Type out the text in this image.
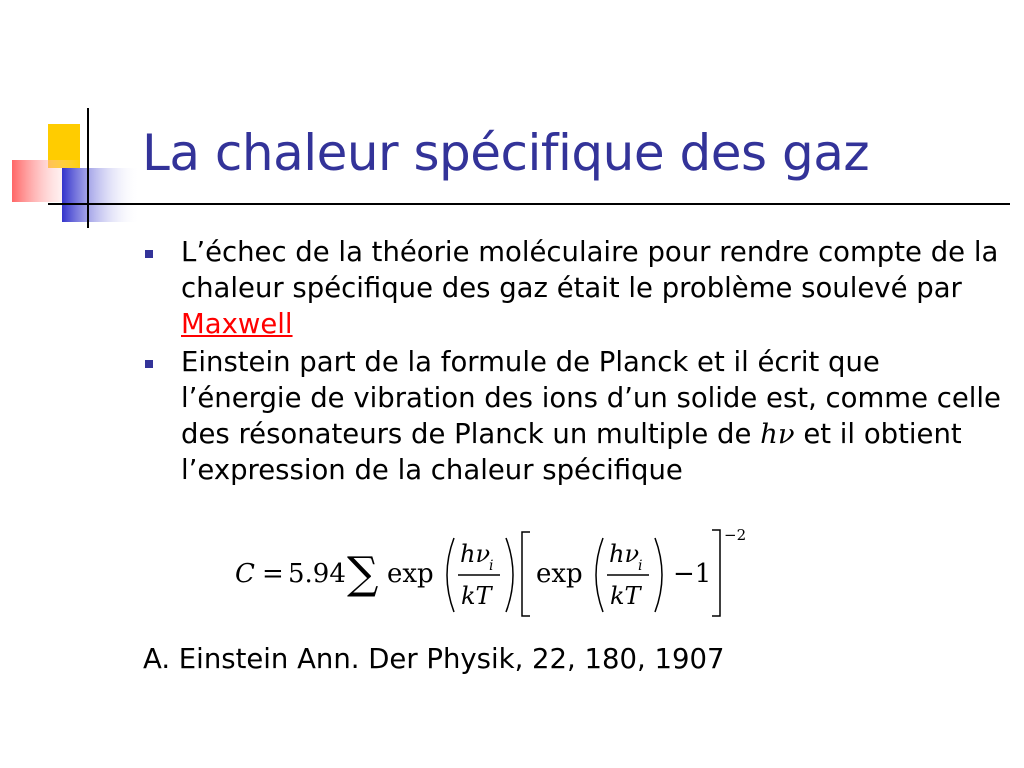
La chaleur spécifique des gaz
L’échec de la théorie moléculaire pour rendre compte de la chaleur spécifique des gaz était le problème soulevé par Maxwell
Einstein part de la formule de Planck et il écrit que l’énergie de vibration des ions d’un solide est, comme celle des résonateurs de Planck un multiple de hν et il obtient l’expression de la chaleur spécifique
C = 5.94 ∑ exp
hν
i
kT
exp
hν
i
kT
−1
−2
A. Einstein Ann. Der Physik, 22, 180, 1907
